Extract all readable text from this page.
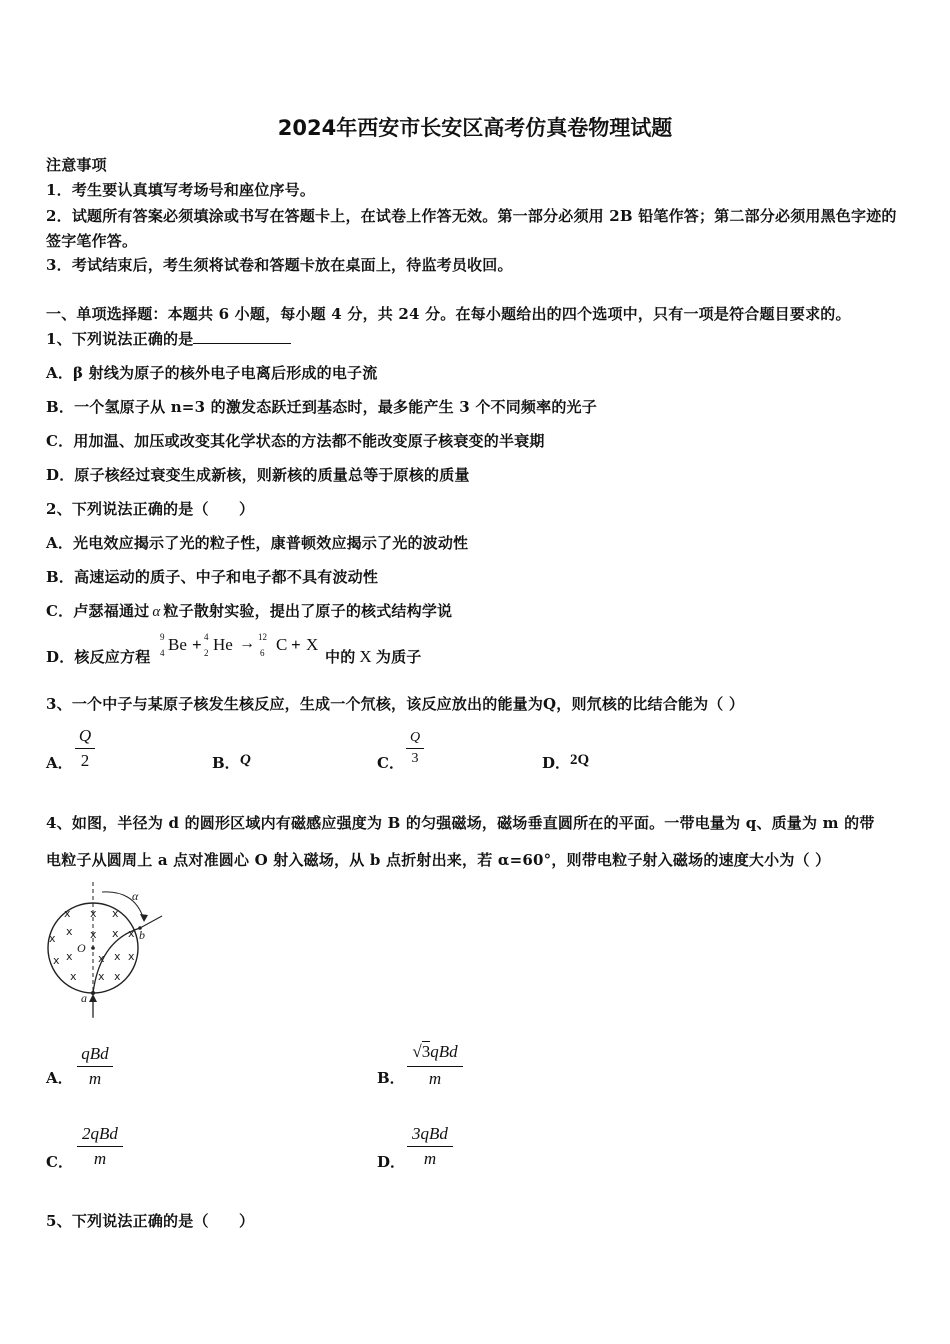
2024年西安市长安区高考仿真卷物理试题
注意事项
1．考生要认真填写考场号和座位序号。
2．试题所有答案必须填涂或书写在答题卡上，在试卷上作答无效。第一部分必须用 2B 铅笔作答；第二部分必须用黑色字迹的签字笔作答。
3．考试结束后，考生须将试卷和答题卡放在桌面上，待监考员收回。
一、单项选择题：本题共 6 小题，每小题 4 分，共 24 分。在每小题给出的四个选项中，只有一项是符合题目要求的。
1、下列说法正确的是
A．β 射线为原子的核外电子电离后形成的电子流
B．一个氢原子从 n=3 的激发态跃迁到基态时，最多能产生 3 个不同频率的光子
C．用加温、加压或改变其化学状态的方法都不能改变原子核衰变的半衰期
D．原子核经过衰变生成新核，则新核的质量总等于原核的质量
2、下列说法正确的是（　　）
A．光电效应揭示了光的粒子性，康普顿效应揭示了光的波动性
B．高速运动的质子、中子和电子都不具有波动性
C．卢瑟福通过 α 粒子散射实验，提出了原子的核式结构学说
D．核反应方程
9
4 Be + 4
2 He → 12
6 C + X
中的 X 为质子
3、一个中子与某原子核发生核反应，生成一个氘核，该反应放出的能量为Q，则氘核的比结合能为（ ）
A．
Q
2	B． Q	C．
Q
3	D． 2Q
4、如图，半径为 d 的圆形区域内有磁感应强度为 B 的匀强磁场，磁场垂直圆所在的平面。一带电量为 q、质量为 m 的带
电粒子从圆周上 a 点对准圆心 O 射入磁场，从 b 点折射出来，若 α=60°，则带电粒子射入磁场的速度大小为（ ）
x x x
x
x x x x
x x x x
x
x x x
α
b
O
a
A．
qBd
m	B．
√3qBd
m
C．
2qBd
m	D．
3qBd
m
5、下列说法正确的是（　　）
